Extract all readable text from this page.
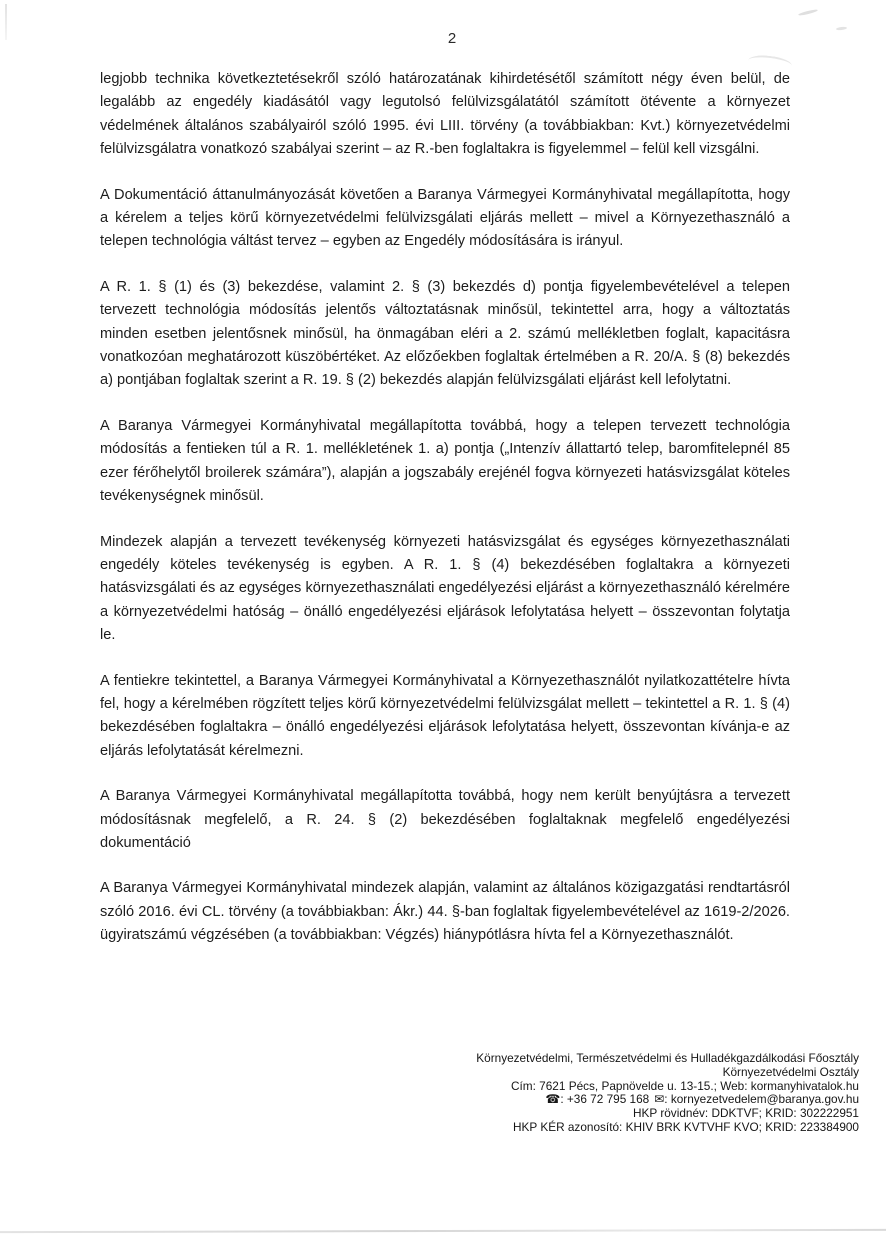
2

legjobb technika következtetésekről szóló határozatának kihirdetésétől számított négy éven belül, de legalább az engedély kiadásától vagy legutolsó felülvizsgálatától számított ötévente a környezet védelmének általános szabályairól szóló 1995. évi LIII. törvény (a továbbiakban: Kvt.) környezetvédelmi felülvizsgálatra vonatkozó szabályai szerint – az R.-ben foglaltakra is figyelemmel – felül kell vizsgálni.

A Dokumentáció áttanulmányozását követően a Baranya Vármegyei Kormányhivatal megállapította, hogy a kérelem a teljes körű környezetvédelmi felülvizsgálati eljárás mellett – mivel a Környezethasználó a telepen technológia váltást tervez – egyben az Engedély módosítására is irányul.

A R. 1. § (1) és (3) bekezdése, valamint 2. § (3) bekezdés d) pontja figyelembevételével a telepen tervezett technológia módosítás jelentős változtatásnak minősül, tekintettel arra, hogy a változtatás minden esetben jelentősnek minősül, ha önmagában eléri a 2. számú mellékletben foglalt, kapacitásra vonatkozóan meghatározott küszöbértéket. Az előzőekben foglaltak értelmében a R. 20/A. § (8) bekezdés a) pontjában foglaltak szerint a R. 19. § (2) bekezdés alapján felülvizsgálati eljárást kell lefolytatni.

A Baranya Vármegyei Kormányhivatal megállapította továbbá, hogy a telepen tervezett technológia módosítás a fentieken túl a R. 1. mellékletének 1. a) pontja („Intenzív állattartó telep, baromfitelepnél 85 ezer férőhelytől broilerek számára”), alapján a jogszabály erejénél fogva környezeti hatásvizsgálat köteles tevékenységnek minősül.

Mindezek alapján a tervezett tevékenység környezeti hatásvizsgálat és egységes környezethasználati engedély köteles tevékenység is egyben. A R. 1. § (4) bekezdésében foglaltakra a környezeti hatásvizsgálati és az egységes környezethasználati engedélyezési eljárást a környezethasználó kérelmére a környezetvédelmi hatóság – önálló engedélyezési eljárások lefolytatása helyett – összevontan folytatja le.

A fentiekre tekintettel, a Baranya Vármegyei Kormányhivatal a Környezethasználót nyilatkozattételre hívta fel, hogy a kérelmében rögzített teljes körű környezetvédelmi felülvizsgálat mellett – tekintettel a R. 1. § (4) bekezdésében foglaltakra – önálló engedélyezési eljárások lefolytatása helyett, összevontan kívánja-e az eljárás lefolytatását kérelmezni.

A Baranya Vármegyei Kormányhivatal megállapította továbbá, hogy nem került benyújtásra a tervezett módosításnak megfelelő, a R. 24. § (2) bekezdésében foglaltaknak megfelelő engedélyezési dokumentáció

A Baranya Vármegyei Kormányhivatal mindezek alapján, valamint az általános közigazgatási rendtartásról szóló 2016. évi CL. törvény (a továbbiakban: Ákr.) 44. §-ban foglaltak figyelembevételével az 1619-2/2026. ügyiratszámú végzésében (a továbbiakban: Végzés) hiánypótlásra hívta fel a Környezethasználót.

Környezetvédelmi, Természetvédelmi és Hulladékgazdálkodási Főosztály
Környezetvédelmi Osztály
Cím: 7621 Pécs, Papnövelde u. 13-15.; Web: kormanyhivatalok.hu
☎: +36 72 795 168 ✉: kornyezetvedelem@baranya.gov.hu
HKP rövidnév: DDKTVF; KRID: 302222951
HKP KÉR azonosító: KHIV BRK KVTVHF KVO; KRID: 223384900
